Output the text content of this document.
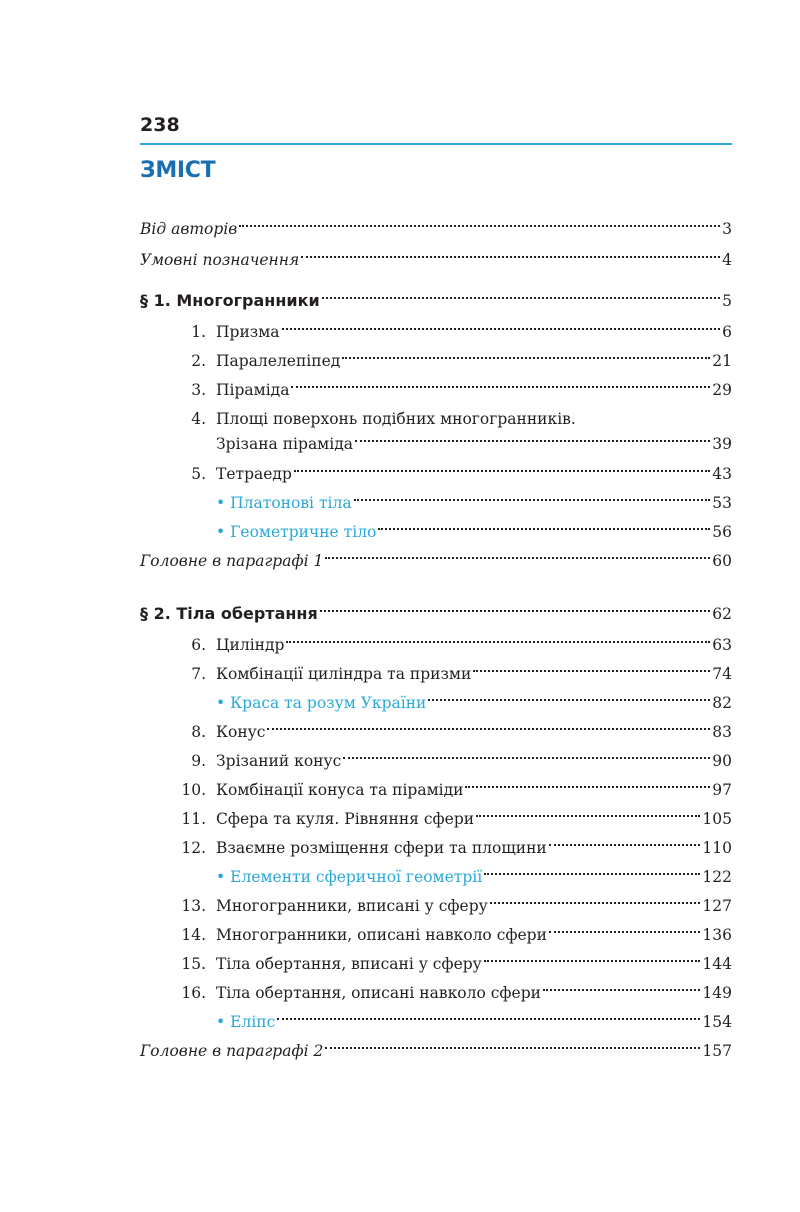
238
ЗМІСТ
Від авторів	3
Умовні позначення	4
§ 1. Многогранники	5
1. Призма	6
2. Паралелепіпед	21
3. Піраміда	29
4. Площі поверхонь подібних многогранників.
Зрізана піраміда	39
5. Тетраедр	43
• Платонові тіла	53
• Геометричне тіло	56
Головне в параграфі 1	60
§ 2. Тіла обертання	62
6. Циліндр	63
7. Комбінації циліндра та призми	74
• Краса та розум України	82
8. Конус	83
9. Зрізаний конус	90
10. Комбінації конуса та піраміди	97
11. Сфера та куля. Рівняння сфери	105
12. Взаємне розміщення сфери та площини	110
• Елементи сферичної геометрії	122
13. Многогранники, вписані у сферу	127
14. Многогранники, описані навколо сфери	136
15. Тіла обертання, вписані у сферу	144
16. Тіла обертання, описані навколо сфери	149
• Еліпс	154
Головне в параграфі 2	157
